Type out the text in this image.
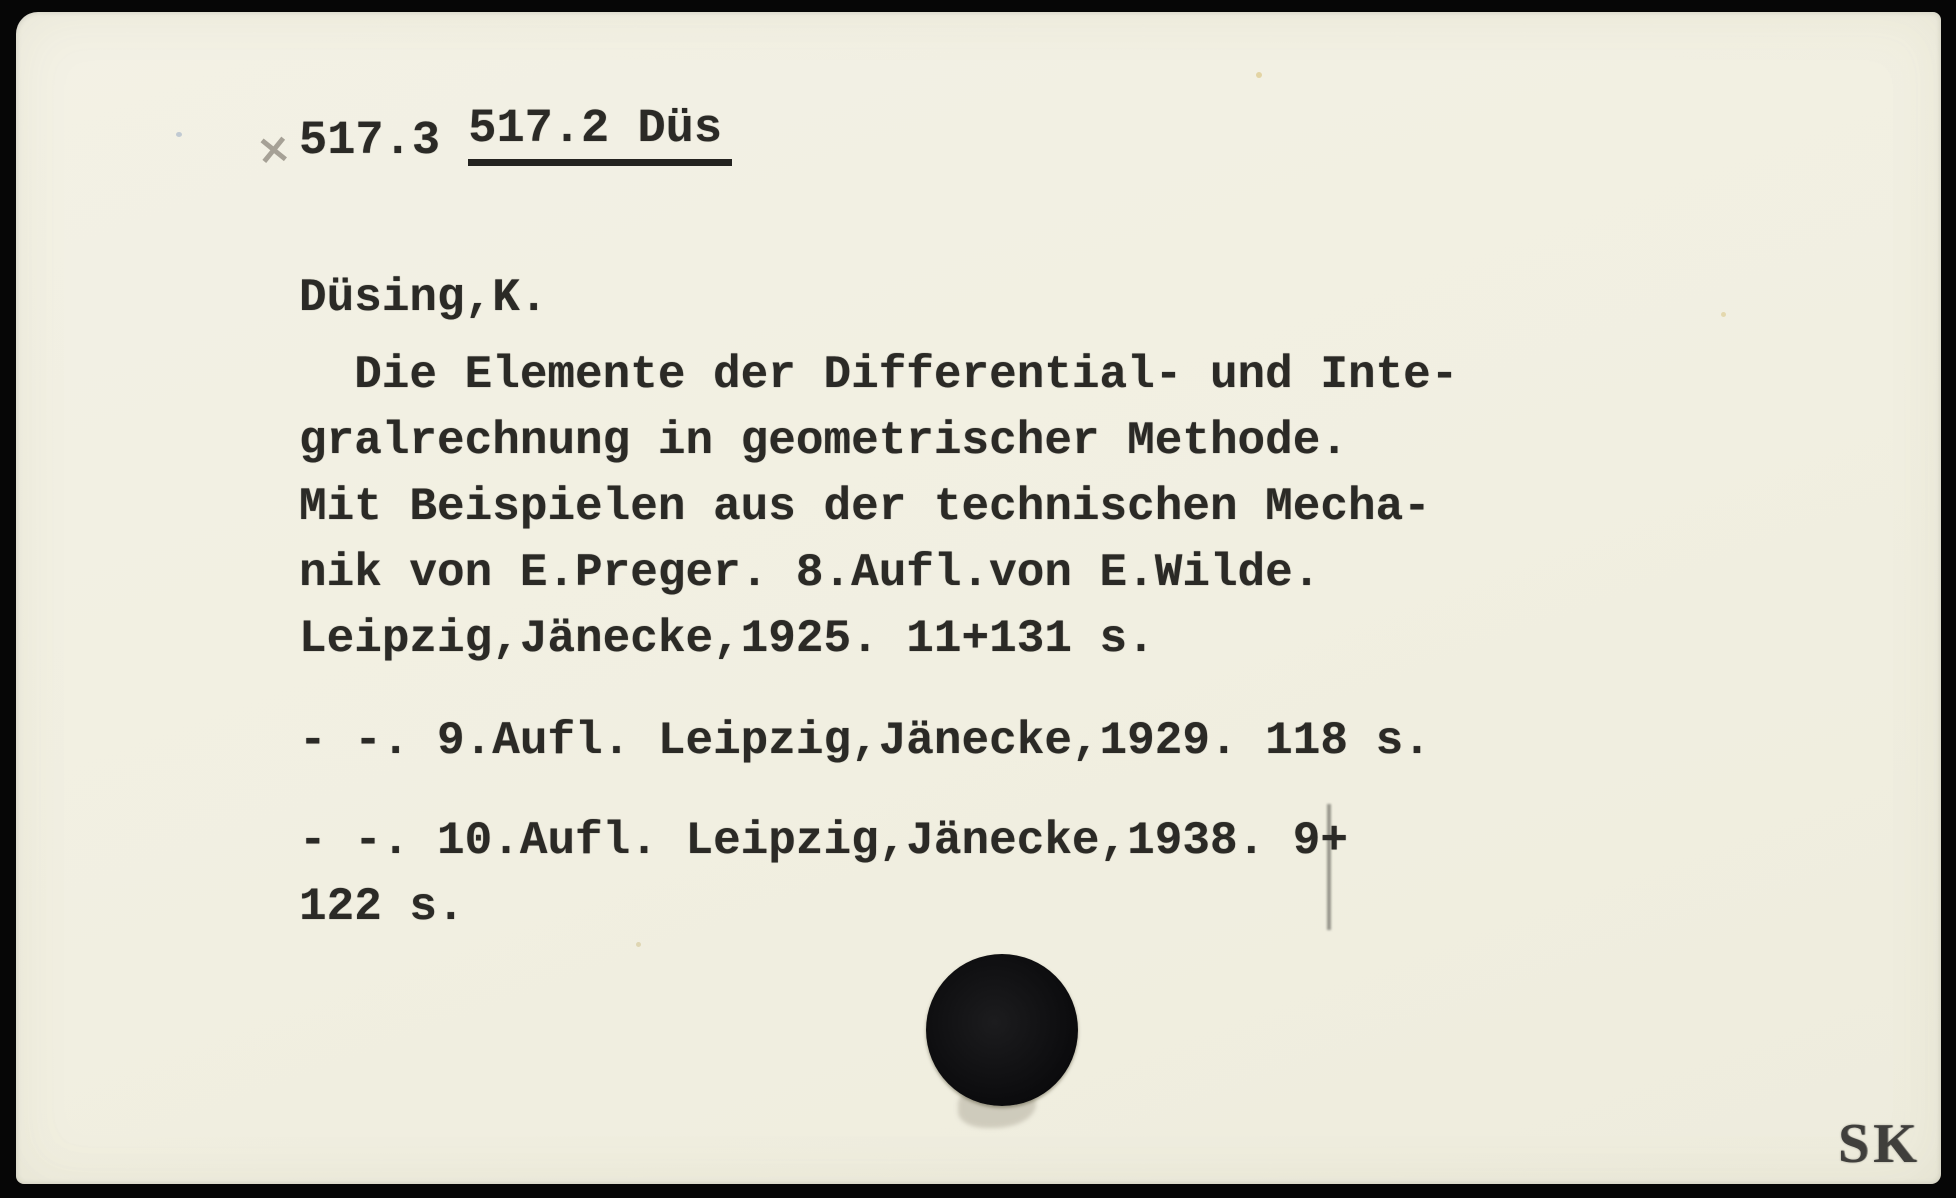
517.2 Düs

× 517.3
Düsing,K.
Die Elemente der Differential- und Inte-
gralrechnung in geometrischer Methode.
Mit Beispielen aus der technischen Mecha-
nik von E.Preger. 8.Aufl.von E.Wilde.
Leipzig,Jänecke,1925. 11+131 s.
- -. 9.Aufl. Leipzig,Jänecke,1929. 118 s.
- -. 10.Aufl. Leipzig,Jänecke,1938. 9+
122 s.
SK
